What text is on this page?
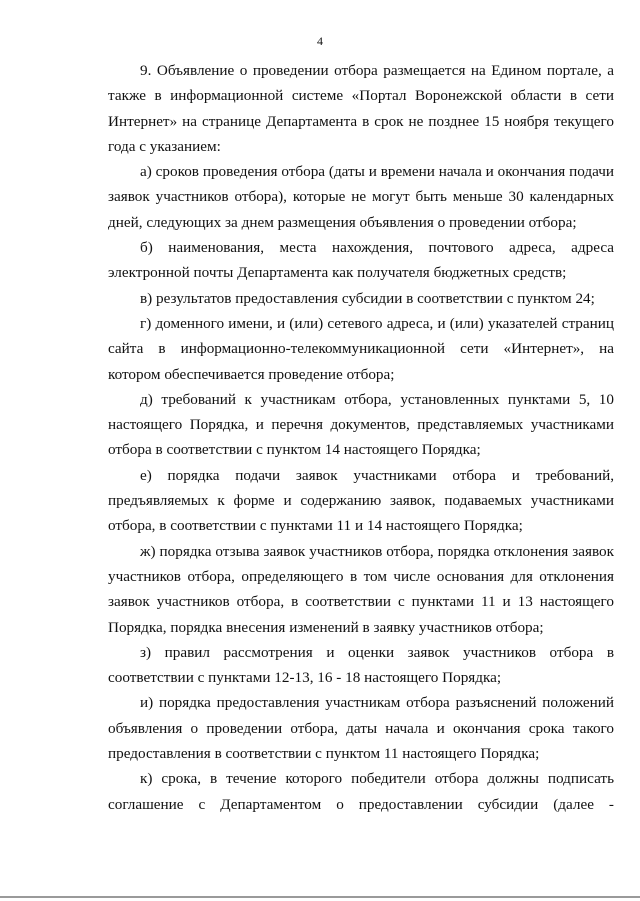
4

9. Объявление о проведении отбора размещается на Едином портале, а также в информационной системе «Портал Воронежской области в сети Интернет» на странице Департамента в срок не позднее 15 ноября текущего года с указанием:

а) сроков проведения отбора (даты и времени начала и окончания подачи заявок участников отбора), которые не могут быть меньше 30 календарных дней, следующих за днем размещения объявления о проведении отбора;

б) наименования, места нахождения, почтового адреса, адреса электронной почты Департамента как получателя бюджетных средств;

в) результатов предоставления субсидии в соответствии с пунктом 24;

г) доменного имени, и (или) сетевого адреса, и (или) указателей страниц сайта в информационно-телекоммуникационной сети «Интернет», на котором обеспечивается проведение отбора;

д) требований к участникам отбора, установленных пунктами 5, 10 настоящего Порядка, и перечня документов, представляемых участниками отбора в соответствии с пунктом 14 настоящего Порядка;

е) порядка подачи заявок участниками отбора и требований, предъявляемых к форме и содержанию заявок, подаваемых участниками отбора, в соответствии с пунктами 11 и 14 настоящего Порядка;

ж) порядка отзыва заявок участников отбора, порядка отклонения заявок участников отбора, определяющего в том числе основания для отклонения заявок участников отбора, в соответствии с пунктами 11 и 13 настоящего Порядка, порядка внесения изменений в заявку участников отбора;

з) правил рассмотрения и оценки заявок участников отбора в соответствии с пунктами 12-13, 16 - 18 настоящего Порядка;

и) порядка предоставления участникам отбора разъяснений положений объявления о проведении отбора, даты начала и окончания срока такого предоставления в соответствии с пунктом 11 настоящего Порядка;

к) срока, в течение которого победители отбора должны подписать соглашение с Департаментом о предоставлении субсидии (далее -
